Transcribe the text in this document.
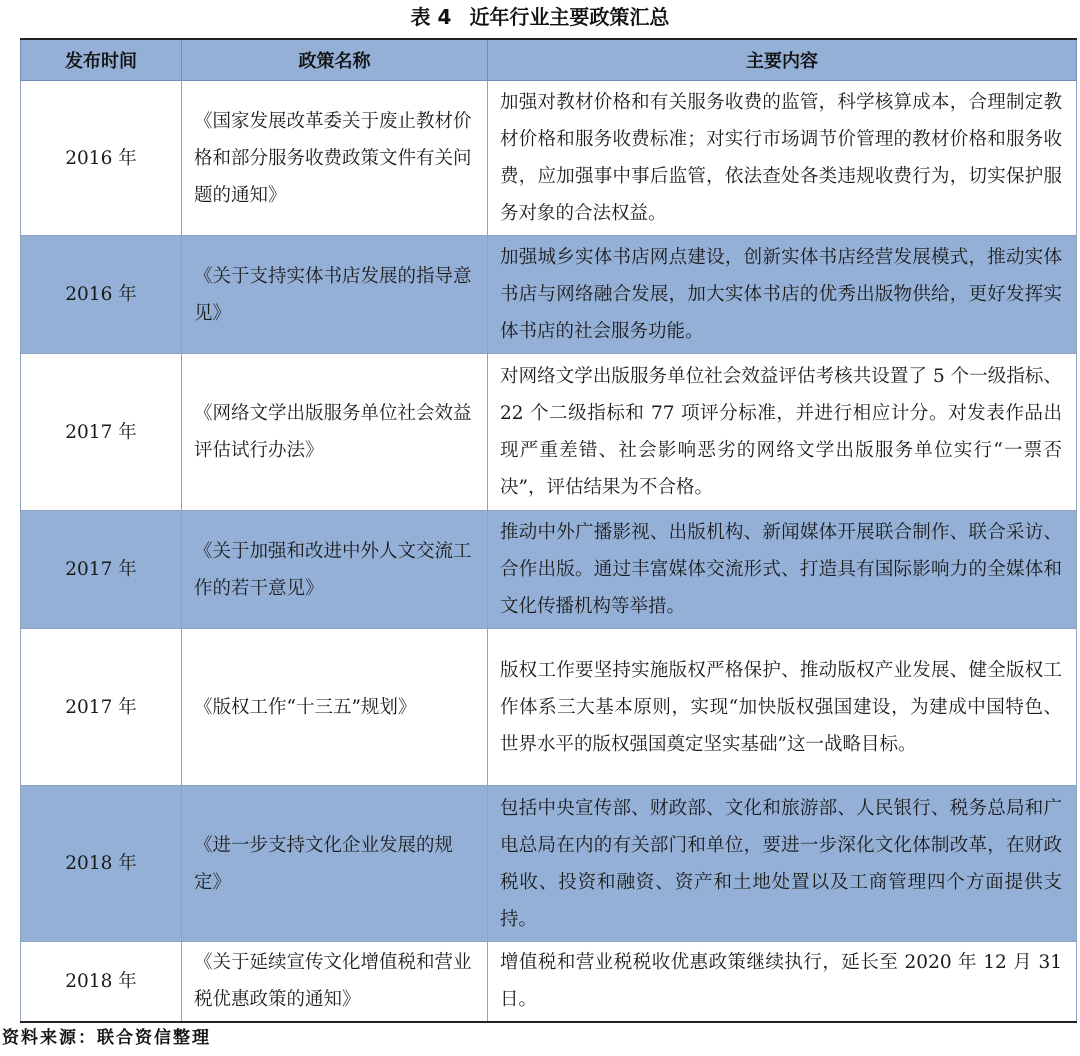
表 4 近年行业主要政策汇总
发布时间	政策名称	主要内容
2016 年	《国家发展改革委关于废止教材价格和部分服务收费政策文件有关问题的通知》	加强对教材价格和有关服务收费的监管，科学核算成本，合理制定教材价格和服务收费标准；对实行市场调节价管理的教材价格和服务收费，应加强事中事后监管，依法查处各类违规收费行为，切实保护服务对象的合法权益。
2016 年	《关于支持实体书店发展的指导意见》	加强城乡实体书店网点建设，创新实体书店经营发展模式，推动实体书店与网络融合发展，加大实体书店的优秀出版物供给，更好发挥实体书店的社会服务功能。
2017 年	《网络文学出版服务单位社会效益评估试行办法》	对网络文学出版服务单位社会效益评估考核共设置了 5 个一级指标、22 个二级指标和 77 项评分标准，并进行相应计分。对发表作品出现严重差错、社会影响恶劣的网络文学出版服务单位实行“一票否决”，评估结果为不合格。
2017 年	《关于加强和改进中外人文交流工作的若干意见》	推动中外广播影视、出版机构、新闻媒体开展联合制作、联合采访、合作出版。通过丰富媒体交流形式、打造具有国际影响力的全媒体和文化传播机构等举措。
2017 年	《版权工作“十三五”规划》	版权工作要坚持实施版权严格保护、推动版权产业发展、健全版权工作体系三大基本原则，实现“加快版权强国建设，为建成中国特色、世界水平的版权强国奠定坚实基础”这一战略目标。
2018 年	《进一步支持文化企业发展的规定》	包括中央宣传部、财政部、文化和旅游部、人民银行、税务总局和广电总局在内的有关部门和单位，要进一步深化文化体制改革，在财政税收、投资和融资、资产和土地处置以及工商管理四个方面提供支持。
2018 年	《关于延续宣传文化增值税和营业税优惠政策的通知》	增值税和营业税税收优惠政策继续执行，延长至 2020 年 12 月 31 日。
资料来源：联合资信整理
